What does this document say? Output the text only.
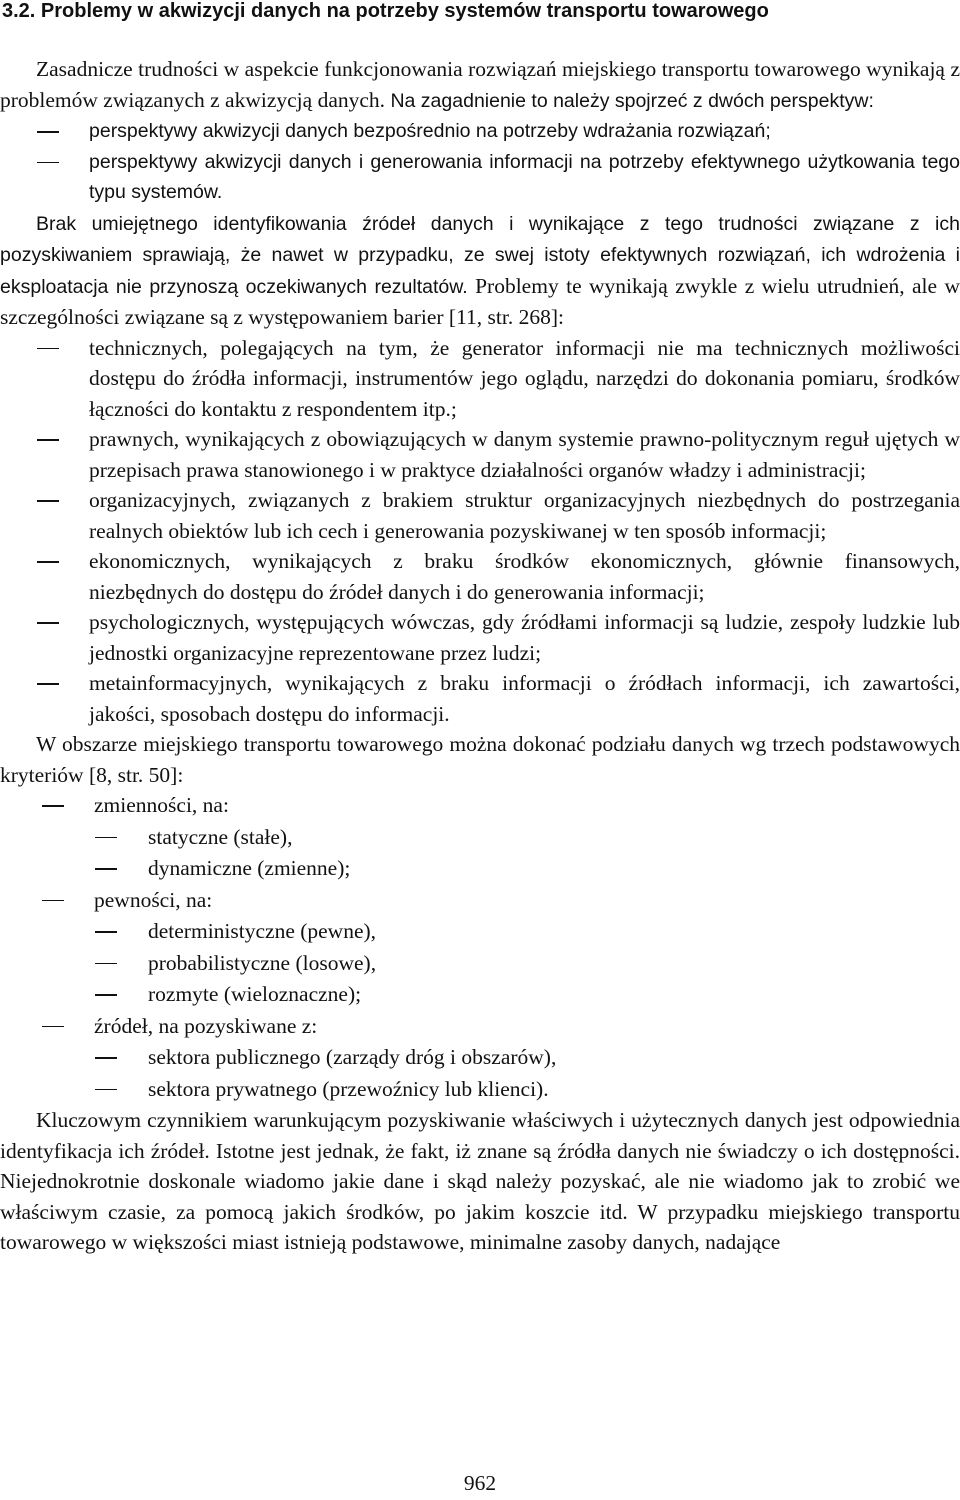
3.2. Problemy w akwizycji danych na potrzeby systemów transportu towarowego

Zasadnicze trudności w aspekcie funkcjonowania rozwiązań miejskiego transportu towarowego wynikają z problemów związanych z akwizycją danych. Na zagadnienie to należy spojrzeć z dwóch perspektyw:

perspektywy akwizycji danych bezpośrednio na potrzeby wdrażania rozwiązań;
perspektywy akwizycji danych i generowania informacji na potrzeby efektywnego użytkowania tego typu systemów.

Brak umiejętnego identyfikowania źródeł danych i wynikające z tego trudności związane z ich pozyskiwaniem sprawiają, że nawet w przypadku, ze swej istoty efektywnych rozwiązań, ich wdrożenia i eksploatacja nie przynoszą oczekiwanych rezultatów. Problemy te wynikają zwykle z wielu utrudnień, ale w szczególności związane są z występowaniem barier [11, str. 268]:

technicznych, polegających na tym, że generator informacji nie ma technicznych możliwości dostępu do źródła informacji, instrumentów jego oglądu, narzędzi do dokonania pomiaru, środków łączności do kontaktu z respondentem itp.;
prawnych, wynikających z obowiązujących w danym systemie prawno-politycznym reguł ujętych w przepisach prawa stanowionego i w praktyce działalności organów władzy i administracji;
organizacyjnych, związanych z brakiem struktur organizacyjnych niezbędnych do postrzegania realnych obiektów lub ich cech i generowania pozyskiwanej w ten sposób informacji;
ekonomicznych, wynikających z braku środków ekonomicznych, głównie finansowych, niezbędnych do dostępu do źródeł danych i do generowania informacji;
psychologicznych, występujących wówczas, gdy źródłami informacji są ludzie, zespoły ludzkie lub jednostki organizacyjne reprezentowane przez ludzi;
metainformacyjnych, wynikających z braku informacji o źródłach informacji, ich zawartości, jakości, sposobach dostępu do informacji.

W obszarze miejskiego transportu towarowego można dokonać podziału danych wg trzech podstawowych kryteriów [8, str. 50]:

zmienności, na:
statyczne (stałe),
dynamiczne (zmienne);
pewności, na:
deterministyczne (pewne),
probabilistyczne (losowe),
rozmyte (wieloznaczne);
źródeł, na pozyskiwane z:
sektora publicznego (zarządy dróg i obszarów),
sektora prywatnego (przewoźnicy lub klienci).

Kluczowym czynnikiem warunkującym pozyskiwanie właściwych i użytecznych danych jest odpowiednia identyfikacja ich źródeł. Istotne jest jednak, że fakt, iż znane są źródła danych nie świadczy o ich dostępności. Niejednokrotnie doskonale wiadomo jakie dane i skąd należy pozyskać, ale nie wiadomo jak to zrobić we właściwym czasie, za pomocą jakich środków, po jakim koszcie itd. W przypadku miejskiego transportu towarowego w większości miast istnieją podstawowe, minimalne zasoby danych, nadające

962
